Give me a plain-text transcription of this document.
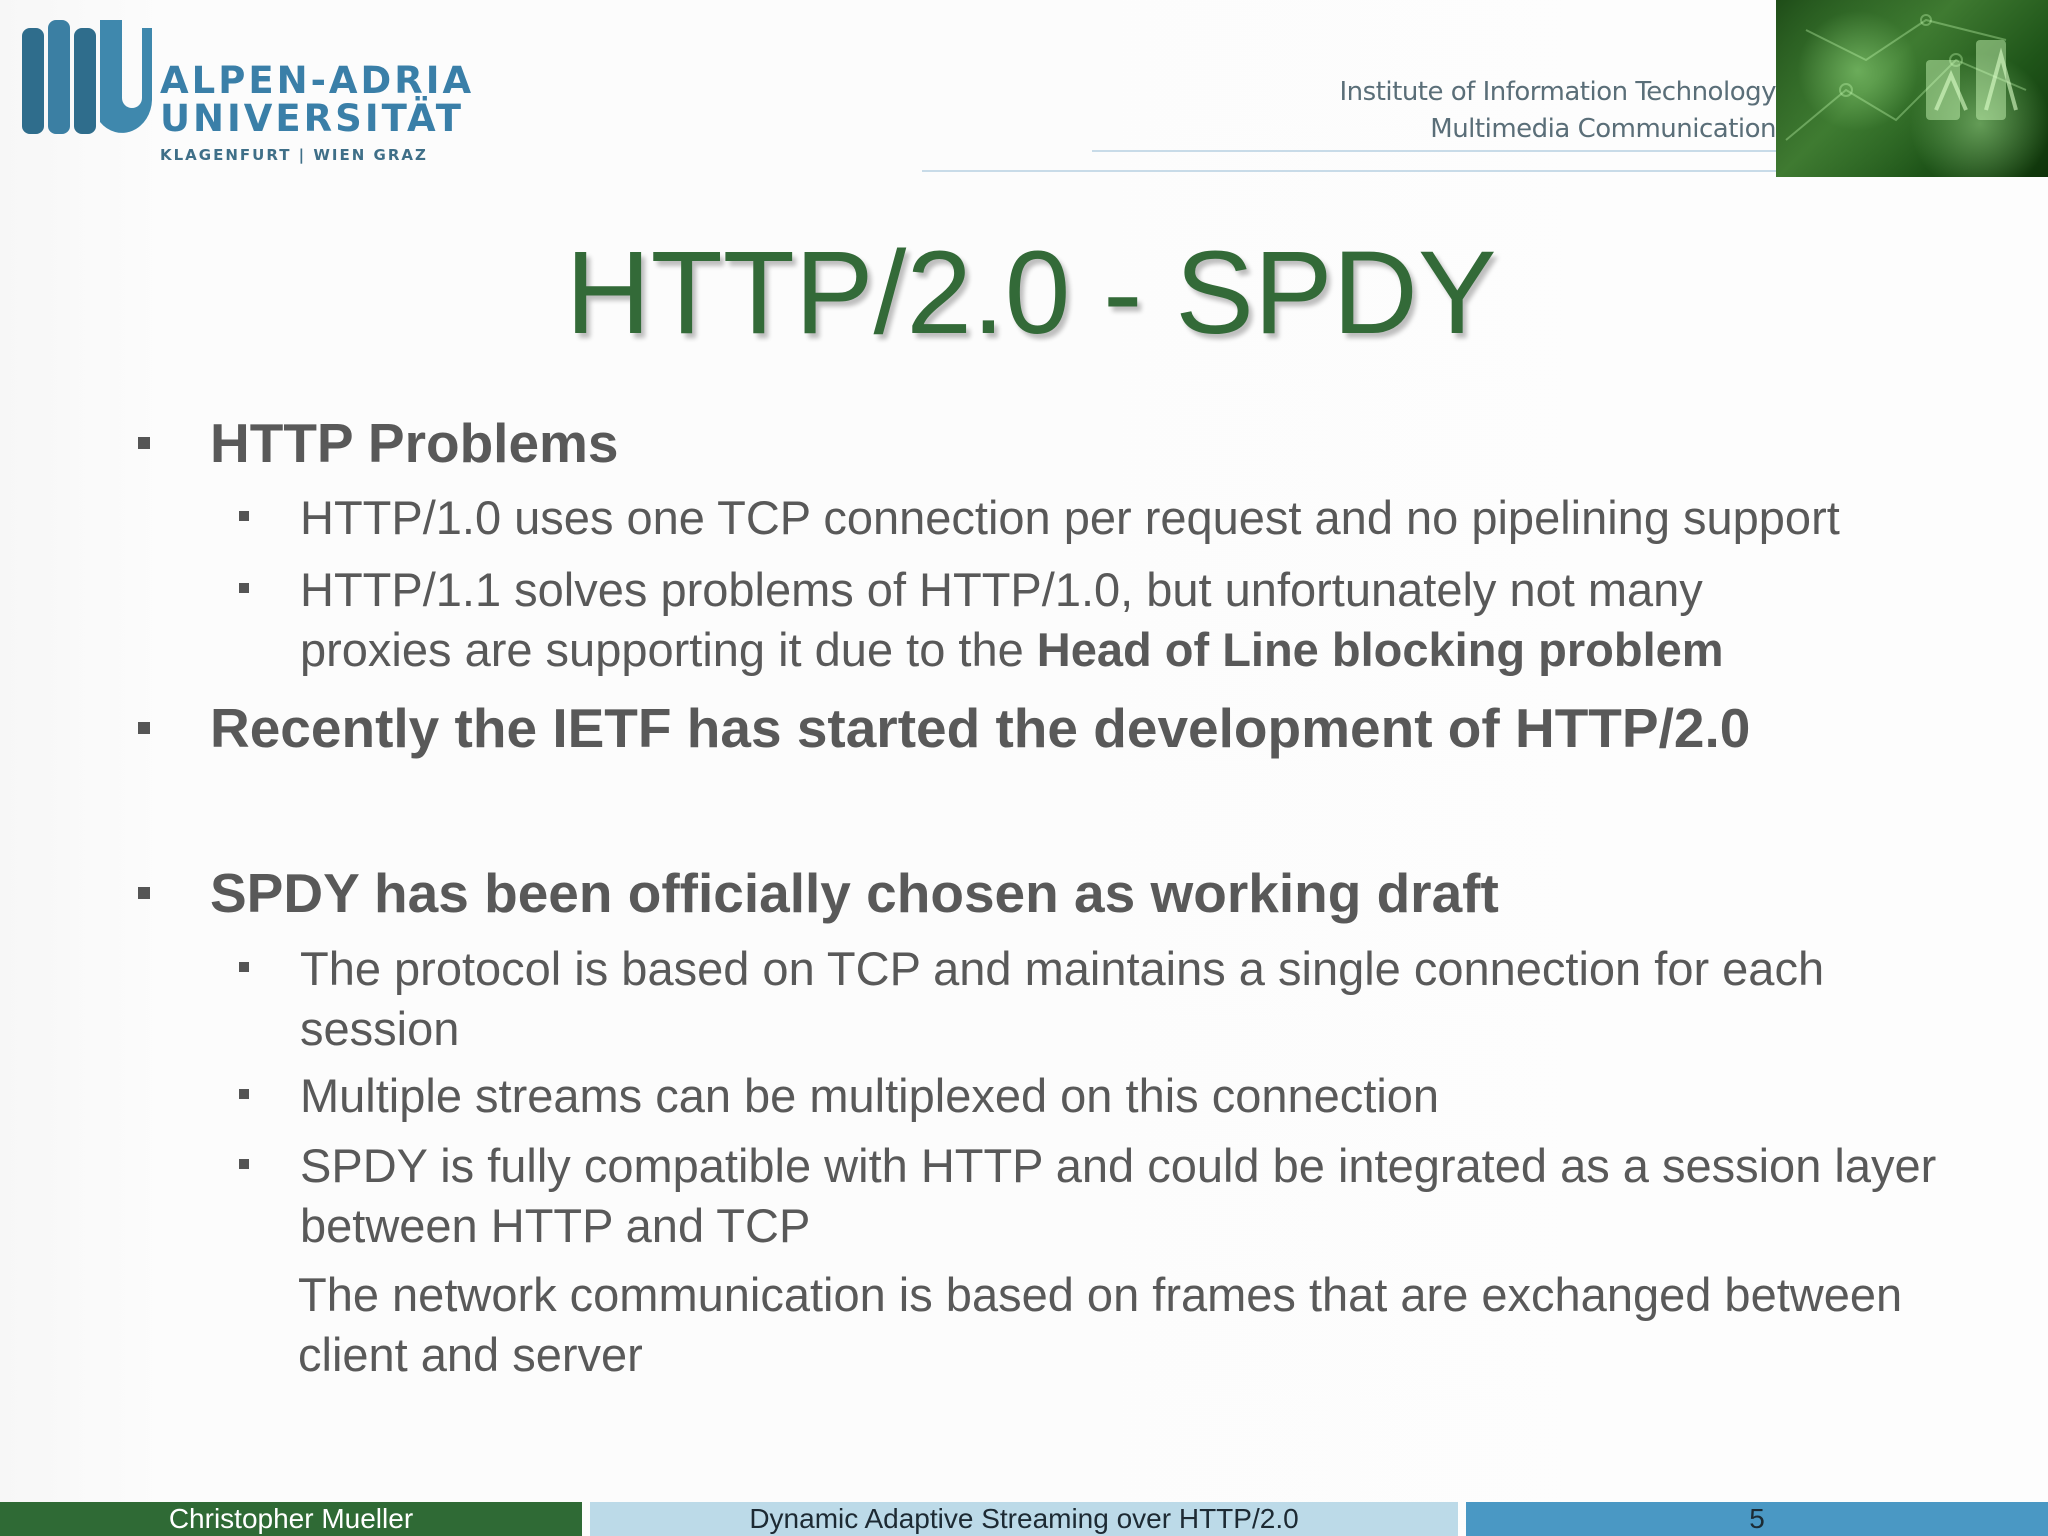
ALPEN-ADRIA
UNIVERSITÄT
KLAGENFURT | WIEN GRAZ
Institute of Information Technology
Multimedia Communication
HTTP/2.0 - SPDY
HTTP Problems
HTTP/1.0 uses one TCP connection per request and no pipelining support
HTTP/1.1 solves problems of HTTP/1.0, but unfortunately not many
proxies are supporting it due to the Head of Line blocking problem
Recently the IETF has started the development of HTTP/2.0
SPDY has been officially chosen as working draft
The protocol is based on TCP and maintains a single connection for each
session
Multiple streams can be multiplexed on this connection
SPDY is fully compatible with HTTP and could be integrated as a session layer
between HTTP and TCP
The network communication is based on frames that are exchanged between
client and server
Christopher Mueller	Dynamic Adaptive Streaming over HTTP/2.0	5
